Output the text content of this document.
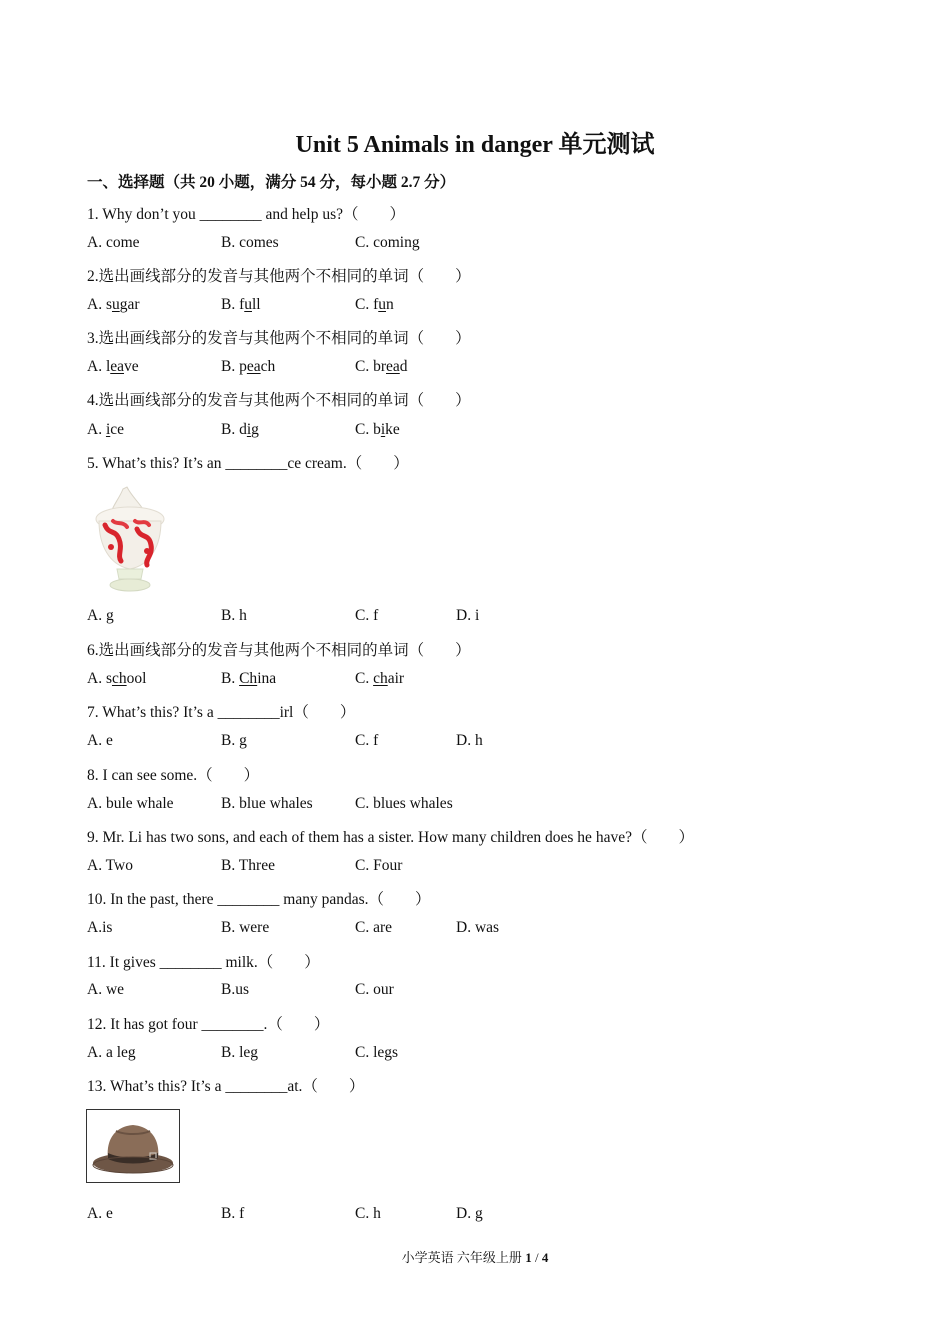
Unit 5 Animals in danger 单元测试
一、选择题（共 20 小题，满分 54 分，每小题 2.7 分）
1. Why don’t you ________ and help us?（　　）
A. come	B. comes	C. coming
2.选出画线部分的发音与其他两个不相同的单词（　　）
A. sugar	B. full	C. fun
3.选出画线部分的发音与其他两个不相同的单词（　　）
A. leave	B. peach	C. bread
4.选出画线部分的发音与其他两个不相同的单词（　　）
A. ice	B. dig	C. bike
5. What’s this? It’s an ________ce cream.（　　）
A. g	B. h	C. f	D. i
6.选出画线部分的发音与其他两个不相同的单词（　　）
A. school	B. China	C. chair
7. What’s this? It’s a ________irl（　　）
A. e	B. g	C. f	D. h
8. I can see some.（　　）
A. bule whale	B. blue whales	C. blues whales
9. Mr. Li has two sons, and each of them has a sister. How many children does he have?（　　）
A. Two	B. Three	C. Four
10. In the past, there ________ many pandas.（　　）
A.is	B. were	C. are	D. was
11. It gives ________ milk.（　　）
A. we	B.us	C. our
12. It has got four ________.（　　）
A. a leg	B. leg	C. legs
13. What’s this? It’s a ________at.（　　）
A. e	B. f	C. h	D. g
小学英语 六年级上册 1 / 4
